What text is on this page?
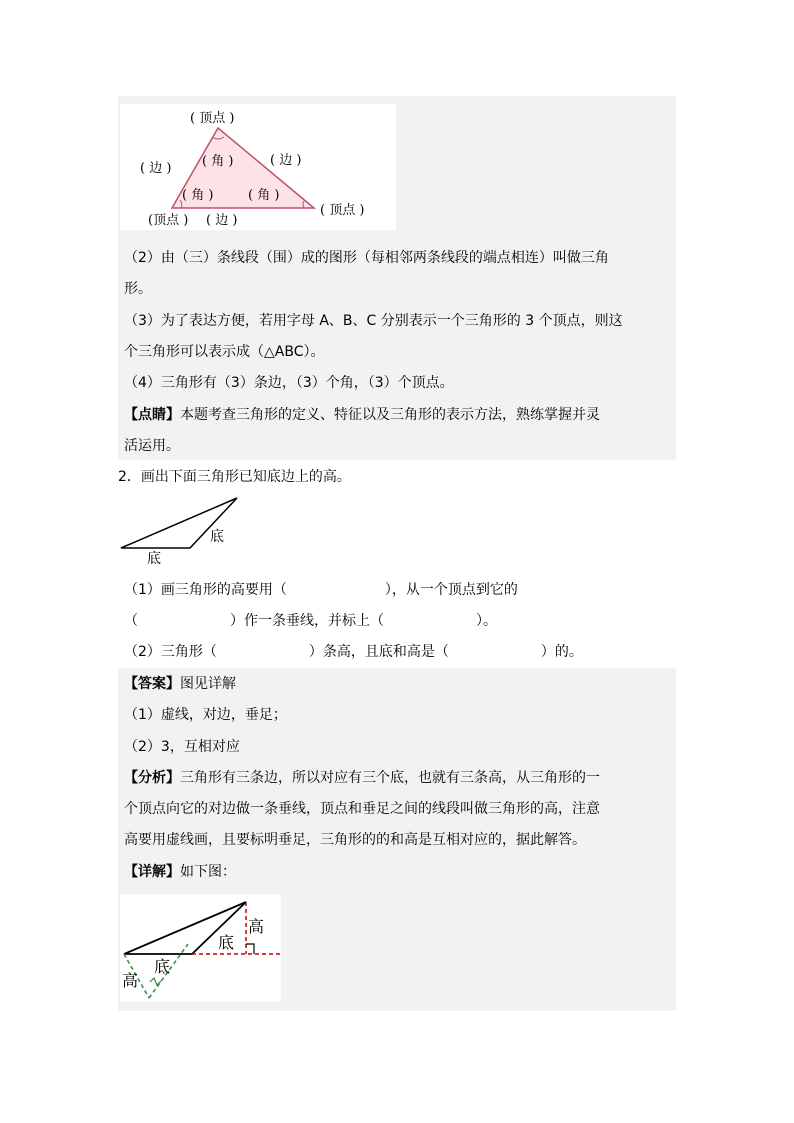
( 顶点 )
( 边 )
( 边 )
( 角 )
( 角 )	( 角 )
(顶点 ) ( 边 )
( 顶点 )
（2）由（三）条线段（围）成的图形（每相邻两条线段的端点相连）叫做三角
形。
（3）为了表达方便，若用字母 A、B、C 分别表示一个三角形的 3 个顶点，则这
个三角形可以表示成（△ABC）。
（4）三角形有（3）条边，（3）个角，（3）个顶点。
【点睛】本题考查三角形的定义、特征以及三角形的表示方法，熟练掌握并灵
活运用。
2．画出下面三角形已知底边上的高。
底
底
（1）画三角形的高要用（	），从一个顶点到它的
（	）作一条垂线，并标上（	）。
（2）三角形（	）条高，且底和高是（	）的。
【答案】图见详解
（1）虚线，对边，垂足；
（2）3，互相对应
【分析】三角形有三条边，所以对应有三个底，也就有三条高，从三角形的一
个顶点向它的对边做一条垂线，顶点和垂足之间的线段叫做三角形的高，注意
高要用虚线画，且要标明垂足，三角形的的和高是互相对应的，据此解答。
【详解】如下图：
高
底
底
高
